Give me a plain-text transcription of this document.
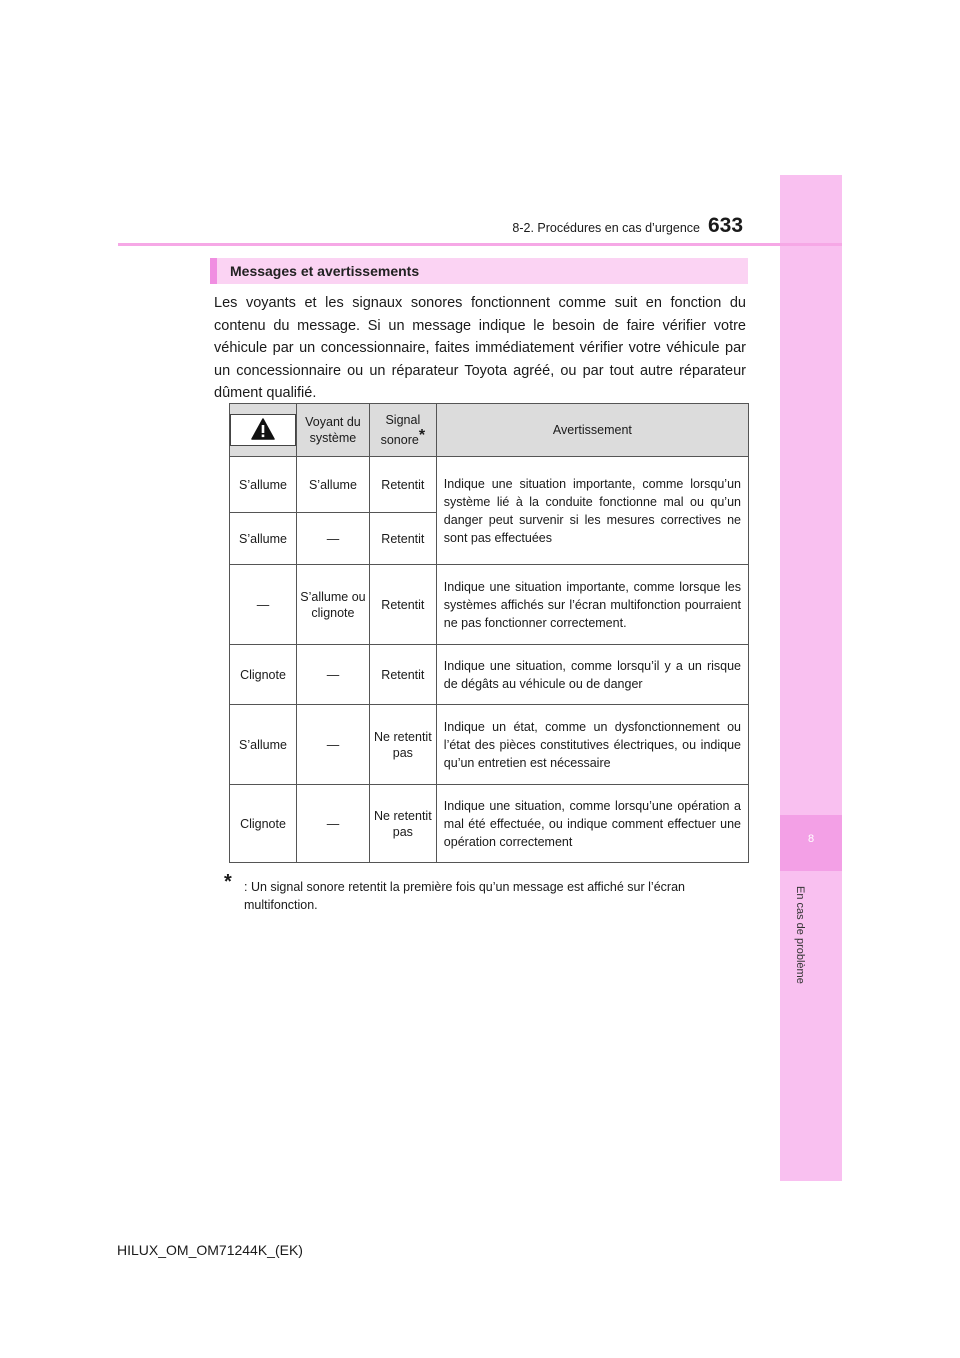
8
En cas de problème
8-2. Procédures en cas d’urgence 633
Messages et avertissements
Les voyants et les signaux sonores fonctionnent comme suit en fonction du contenu du message. Si un message indique le besoin de faire vérifier votre véhicule par un concessionnaire, faites immédiatement vérifier votre véhicule par un concessionnaire ou un réparateur Toyota agréé, ou par tout autre réparateur dûment qualifié.
	Voyant du système	Signal sonore*	Avertissement
S’allume	S’allume	Retentit	Indique une situation importante, comme lorsqu’un système lié à la conduite fonctionne mal ou qu’un danger peut survenir si les mesures correctives ne sont pas effectuées
S’allume	—	Retentit	
—	S’allume ou clignote	Retentit	Indique une situation importante, comme lorsque les systèmes affichés sur l’écran multifonction pourraient ne pas fonctionner correctement.
Clignote	—	Retentit	Indique une situation, comme lorsqu’il y a un risque de dégâts au véhicule ou de danger
S’allume	—	Ne retentit pas	Indique un état, comme un dysfonctionnement ou l’état des pièces constitutives électriques, ou indique qu’un entretien est nécessaire
Clignote	—	Ne retentit pas	Indique une situation, comme lorsqu’une opération a mal été effectuée, ou indique comment effectuer une opération correctement
* : Un signal sonore retentit la première fois qu’un message est affiché sur l’écran multifonction.
HILUX_OM_OM71244K_(EK)
